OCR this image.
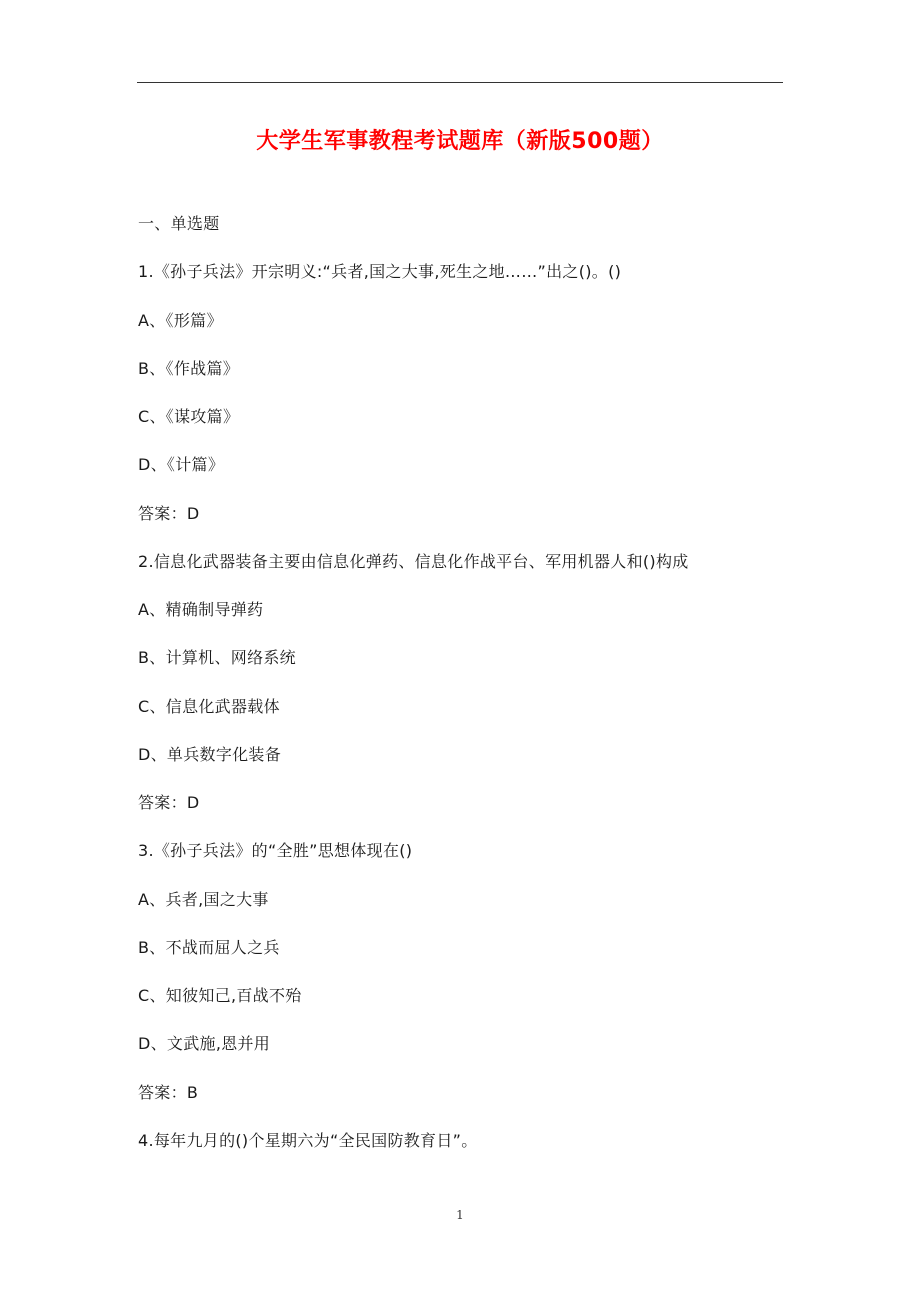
大学生军事教程考试题库（新版500题）
一、单选题
1.《孙子兵法》开宗明义:“兵者,国之大事,死生之地……”出之()。()
A、《形篇》
B、《作战篇》
C、《谋攻篇》
D、《计篇》
答案：D
2.信息化武器装备主要由信息化弹药、信息化作战平台、军用机器人和()构成
A、精确制导弹药
B、计算机、网络系统
C、信息化武器载体
D、单兵数字化装备
答案：D
3.《孙子兵法》的“全胜”思想体现在()
A、兵者,国之大事
B、不战而屈人之兵
C、知彼知己,百战不殆
D、文武施,恩并用
答案：B
4.每年九月的()个星期六为“全民国防教育日”。
1
